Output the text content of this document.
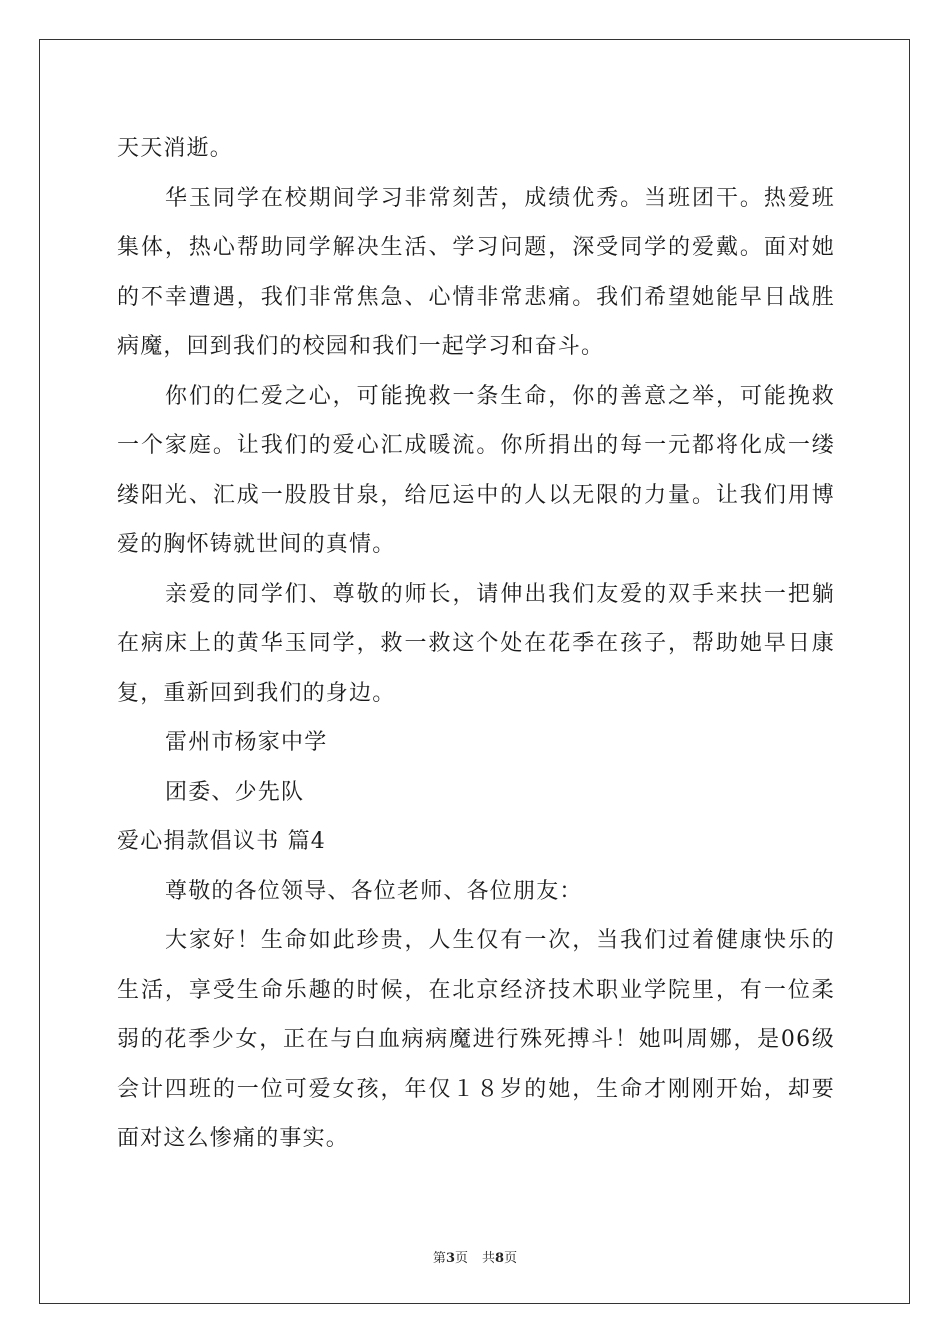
天天消逝。

华玉同学在校期间学习非常刻苦，成绩优秀。当班团干。热爱班集体，热心帮助同学解决生活、学习问题，深受同学的爱戴。面对她的不幸遭遇，我们非常焦急、心情非常悲痛。我们希望她能早日战胜病魔，回到我们的校园和我们一起学习和奋斗。

你们的仁爱之心，可能挽救一条生命，你的善意之举，可能挽救一个家庭。让我们的爱心汇成暖流。你所捐出的每一元都将化成一缕缕阳光、汇成一股股甘泉，给厄运中的人以无限的力量。让我们用博爱的胸怀铸就世间的真情。

亲爱的同学们、尊敬的师长，请伸出我们友爱的双手来扶一把躺在病床上的黄华玉同学，救一救这个处在花季在孩子，帮助她早日康复，重新回到我们的身边。

雷州市杨家中学

团委、少先队

爱心捐款倡议书 篇4

尊敬的各位领导、各位老师、各位朋友：

大家好！生命如此珍贵，人生仅有一次，当我们过着健康快乐的生活，享受生命乐趣的时候，在北京经济技术职业学院里，有一位柔弱的花季少女，正在与白血病病魔进行殊死搏斗！她叫周娜，是06级会计四班的一位可爱女孩，年仅１８岁的她，生命才刚刚开始，却要面对这么惨痛的事实。

第3页 共8页
